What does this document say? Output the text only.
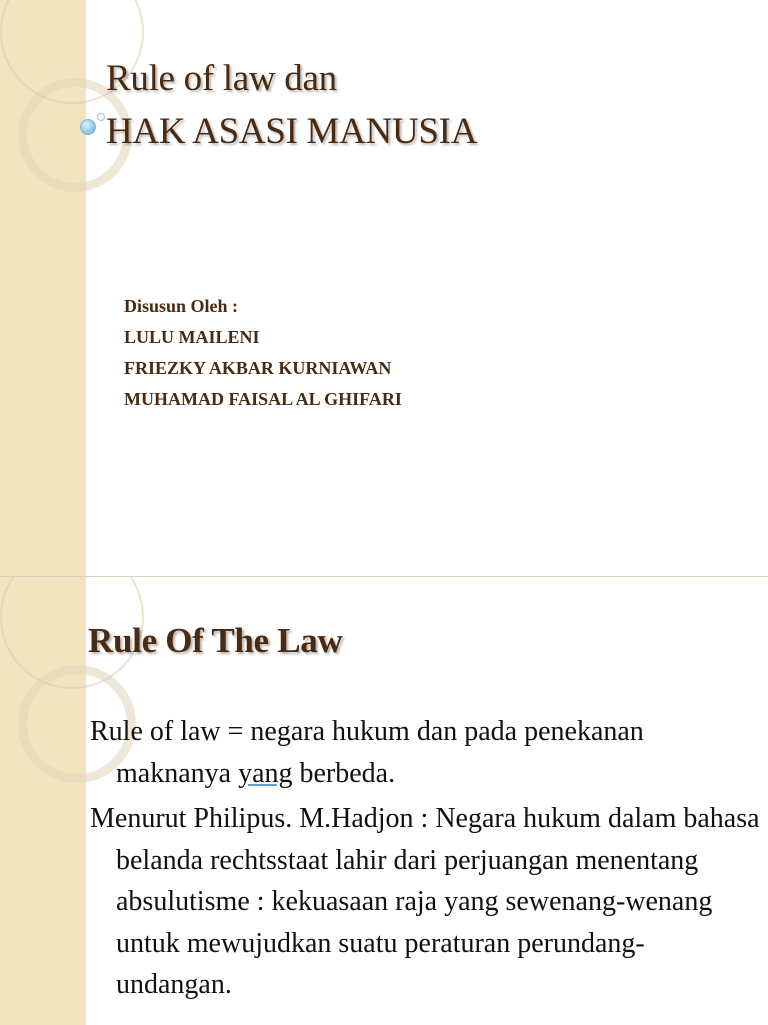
Rule of law dan
HAK ASASI MANUSIA
Disusun Oleh :
LULU MAILENI
FRIEZKY AKBAR KURNIAWAN
MUHAMAD FAISAL AL GHIFARI
Rule Of The Law

Rule of law = negara hukum dan pada penekanan maknanya yang berbeda.

Menurut Philipus. M.Hadjon : Negara hukum dalam bahasa belanda rechtsstaat lahir dari perjuangan menentang absulutisme : kekuasaan raja yang sewenang-wenang untuk mewujudkan suatu peraturan perundang-undangan.
